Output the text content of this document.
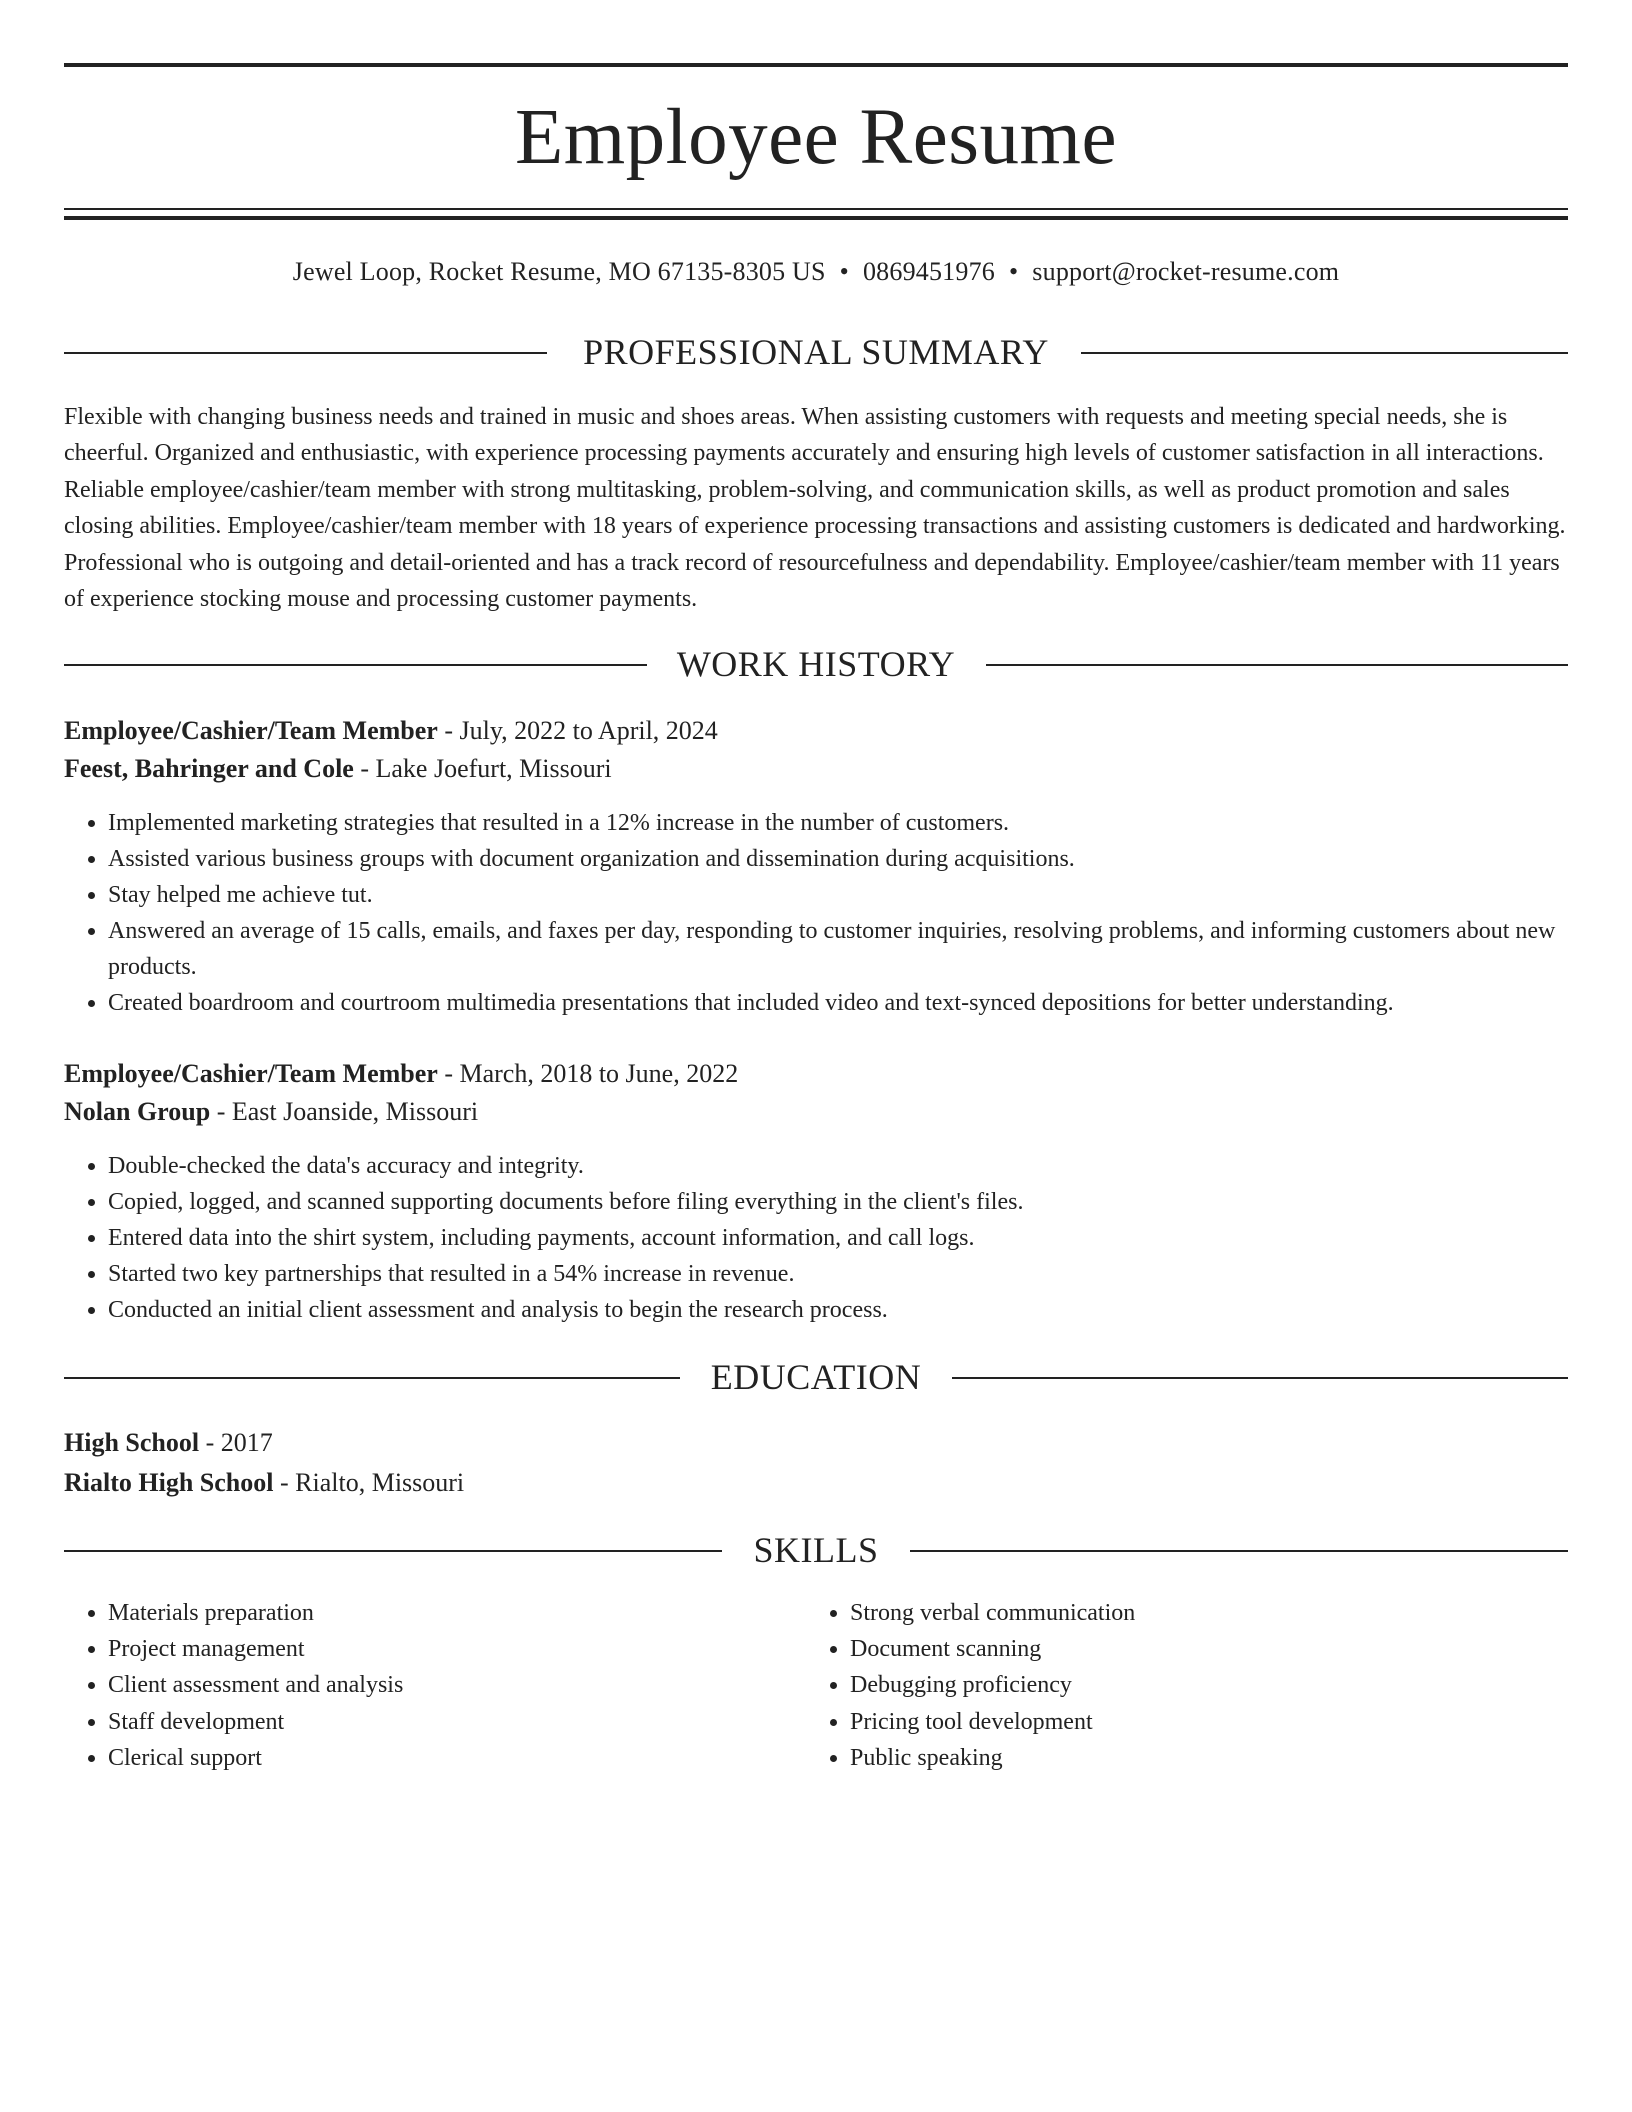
Employee Resume
Jewel Loop, Rocket Resume, MO 67135-8305 US • 0869451976 • support@rocket-resume.com
PROFESSIONAL SUMMARY

Flexible with changing business needs and trained in music and shoes areas. When assisting customers with requests and meeting special needs, she is cheerful. Organized and enthusiastic, with experience processing payments accurately and ensuring high levels of customer satisfaction in all interactions. Reliable employee/cashier/team member with strong multitasking, problem-solving, and communication skills, as well as product promotion and sales closing abilities. Employee/cashier/team member with 18 years of experience processing transactions and assisting customers is dedicated and hardworking. Professional who is outgoing and detail-oriented and has a track record of resourcefulness and dependability. Employee/cashier/team member with 11 years of experience stocking mouse and processing customer payments.

WORK HISTORY

Employee/Cashier/Team Member - July, 2022 to April, 2024

Feest, Bahringer and Cole - Lake Joefurt, Missouri

• Implemented marketing strategies that resulted in a 12% increase in the number of customers.
• Assisted various business groups with document organization and dissemination during acquisitions.
• Stay helped me achieve tut.
• Answered an average of 15 calls, emails, and faxes per day, responding to customer inquiries, resolving problems, and informing customers about new products.
• Created boardroom and courtroom multimedia presentations that included video and text-synced depositions for better understanding.

Employee/Cashier/Team Member - March, 2018 to June, 2022

Nolan Group - East Joanside, Missouri

• Double-checked the data's accuracy and integrity.
• Copied, logged, and scanned supporting documents before filing everything in the client's files.
• Entered data into the shirt system, including payments, account information, and call logs.
• Started two key partnerships that resulted in a 54% increase in revenue.
• Conducted an initial client assessment and analysis to begin the research process.
EDUCATION

High School - 2017

Rialto High School - Rialto, Missouri

SKILLS
• Materials preparation
• Project management
• Client assessment and analysis
• Staff development
• Clerical support
• Strong verbal communication
• Document scanning
• Debugging proficiency
• Pricing tool development
• Public speaking
